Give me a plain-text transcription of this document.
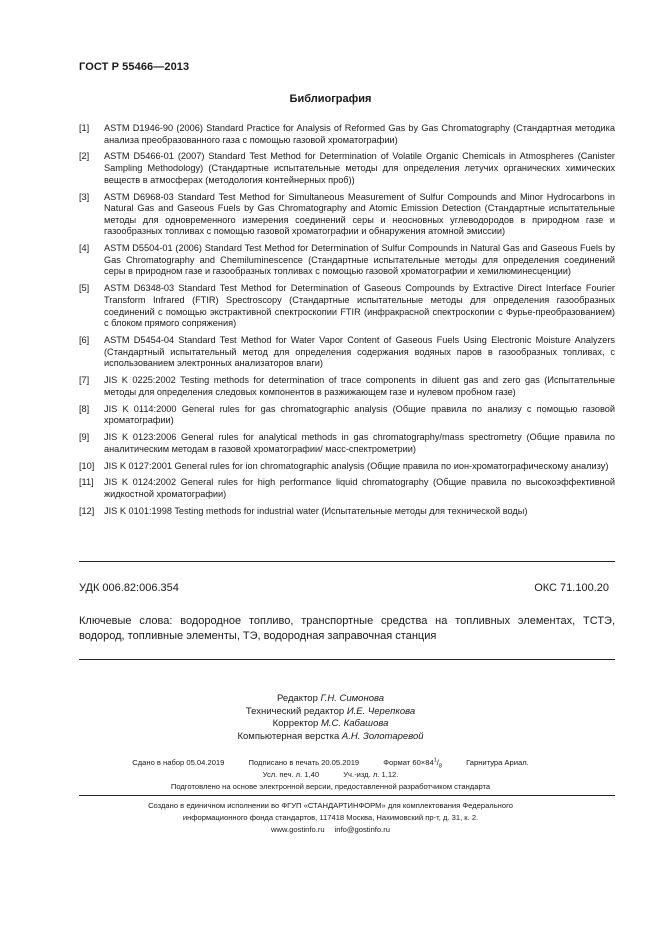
ГОСТ Р 55466—2013
Библиография
[1]	ASTM D1946-90 (2006) Standard Practice for Analysis of Reformed Gas by Gas Chromatography (Стандартная методика анализа преобразованного газа с помощью газовой хроматографии)
[2]	ASTM D5466-01 (2007) Standard Test Method for Determination of Volatile Organic Chemicals in Atmospheres (Canister Sampling Methodology) (Стандартные испытательные методы для определения летучих органических химических веществ в атмосферах (методология контейнерных проб))
[3]	ASTM D6968-03 Standard Test Method for Simultaneous Measurement of Sulfur Compounds and Minor Hydrocarbons in Natural Gas and Gaseous Fuels by Gas Chromatography and Atomic Emission Detection (Стандартные испытательные методы для одновременного измерения соединений серы и неосновных углеводородов в природном газе и газообразных топливах с помощью газовой хроматографии и обнаружения атомной эмиссии)
[4]	ASTM D5504-01 (2006) Standard Test Method for Determination of Sulfur Compounds in Natural Gas and Gaseous Fuels by Gas Chromatography and Chemiluminescence (Стандартные испытательные методы для определения соединений серы в природном газе и газообразных топливах с помощью газовой хроматографии и хемилюминесценции)
[5]	ASTM D6348-03 Standard Test Method for Determination of Gaseous Compounds by Extractive Direct Interface Fourier Transform Infrared (FTIR) Spectroscopy (Стандартные испытательные методы для определения газообразных соединений с помощью экстрактивной спектроскопии FTIR (инфракрасной спектроскопии с Фурье-преобразованием) с блоком прямого сопряжения)
[6]	ASTM D5454-04 Standard Test Method for Water Vapor Content of Gaseous Fuels Using Electronic Moisture Analyzers (Стандартный испытательный метод для определения содержания водяных паров в газообразных топливах, с использованием электронных анализаторов влаги)
[7]	JIS K 0225:2002 Testing methods for determination of trace components in diluent gas and zero gas (Испытательные методы для определения следовых компонентов в разжижающем газе и нулевом пробном газе)
[8]	JIS K 0114:2000 General rules for gas chromatographic analysis (Общие правила по анализу с помощью газовой хроматографии)
[9]	JIS K 0123:2006 General rules for analytical methods in gas chromatography/mass spectrometry (Общие правила по аналитическим методам в газовой хроматографии/ масс-спектрометрии)
[10]	JIS K 0127:2001 General rules for ion chromatographic analysis (Общие правила по ион-хроматографическому анализу)
[11]	JIS K 0124:2002 General rules for high performance liquid chromatography (Общие правила по высокоэффективной жидкостной хроматографии)
[12]	JIS K 0101:1998 Testing methods for industrial water (Испытательные методы для технической воды)
УДК 006.82:006.354	ОКС 71.100.20
Ключевые слова: водородное топливо, транспортные средства на топливных элементах, ТСТЭ, водород, топливные элементы, ТЭ, водородная заправочная станция
Редактор Г.Н. Симонова
Технический редактор И.Е. Черепкова
Корректор М.С. Кабашова
Компьютерная верстка А.Н. Золотаревой
Сдано в набор 05.04.2019	Подписано в печать 20.05.2019	Формат $60\times 84^1/_8$	Гарнитура Ариал.
Усл. печ. л. 1,40	Уч.-изд. л. 1,12.
Подготовлено на основе электронной версии, предоставленной разработчиком стандарта
Создано в единичном исполнении во ФГУП «СТАНДАРТИНФОРМ» для комплектования Федерального
информационного фонда стандартов, 117418 Москва, Нахимовский пр-т, д. 31, к. 2.
www.gostinfo.ru info@gostinfo.ru
